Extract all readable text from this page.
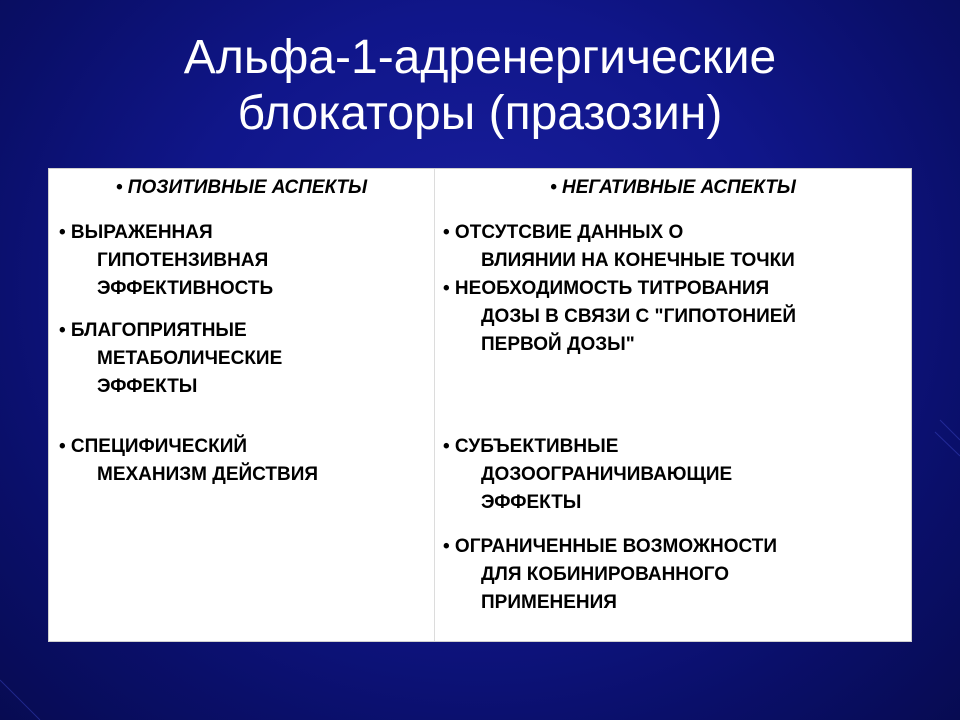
Альфа-1-адренергические
блокаторы (празозин)
• ПОЗИТИВНЫЕ АСПЕКТЫ
• ВЫРАЖЕННАЯ
ГИПОТЕНЗИВНАЯ
ЭФФЕКТИВНОСТЬ
• БЛАГОПРИЯТНЫЕ
МЕТАБОЛИЧЕСКИЕ
ЭФФЕКТЫ
• СПЕЦИФИЧЕСКИЙ
МЕХАНИЗМ ДЕЙСТВИЯ
• НЕГАТИВНЫЕ АСПЕКТЫ
• ОТСУТСВИЕ ДАННЫХ О
ВЛИЯНИИ НА КОНЕЧНЫЕ ТОЧКИ
• НЕОБХОДИМОСТЬ ТИТРОВАНИЯ
ДОЗЫ В СВЯЗИ С "ГИПОТОНИЕЙ
ПЕРВОЙ ДОЗЫ"
• СУБЪЕКТИВНЫЕ
ДОЗООГРАНИЧИВАЮЩИЕ
ЭФФЕКТЫ
• ОГРАНИЧЕННЫЕ ВОЗМОЖНОСТИ
ДЛЯ КОБИНИРОВАННОГО
ПРИМЕНЕНИЯ
